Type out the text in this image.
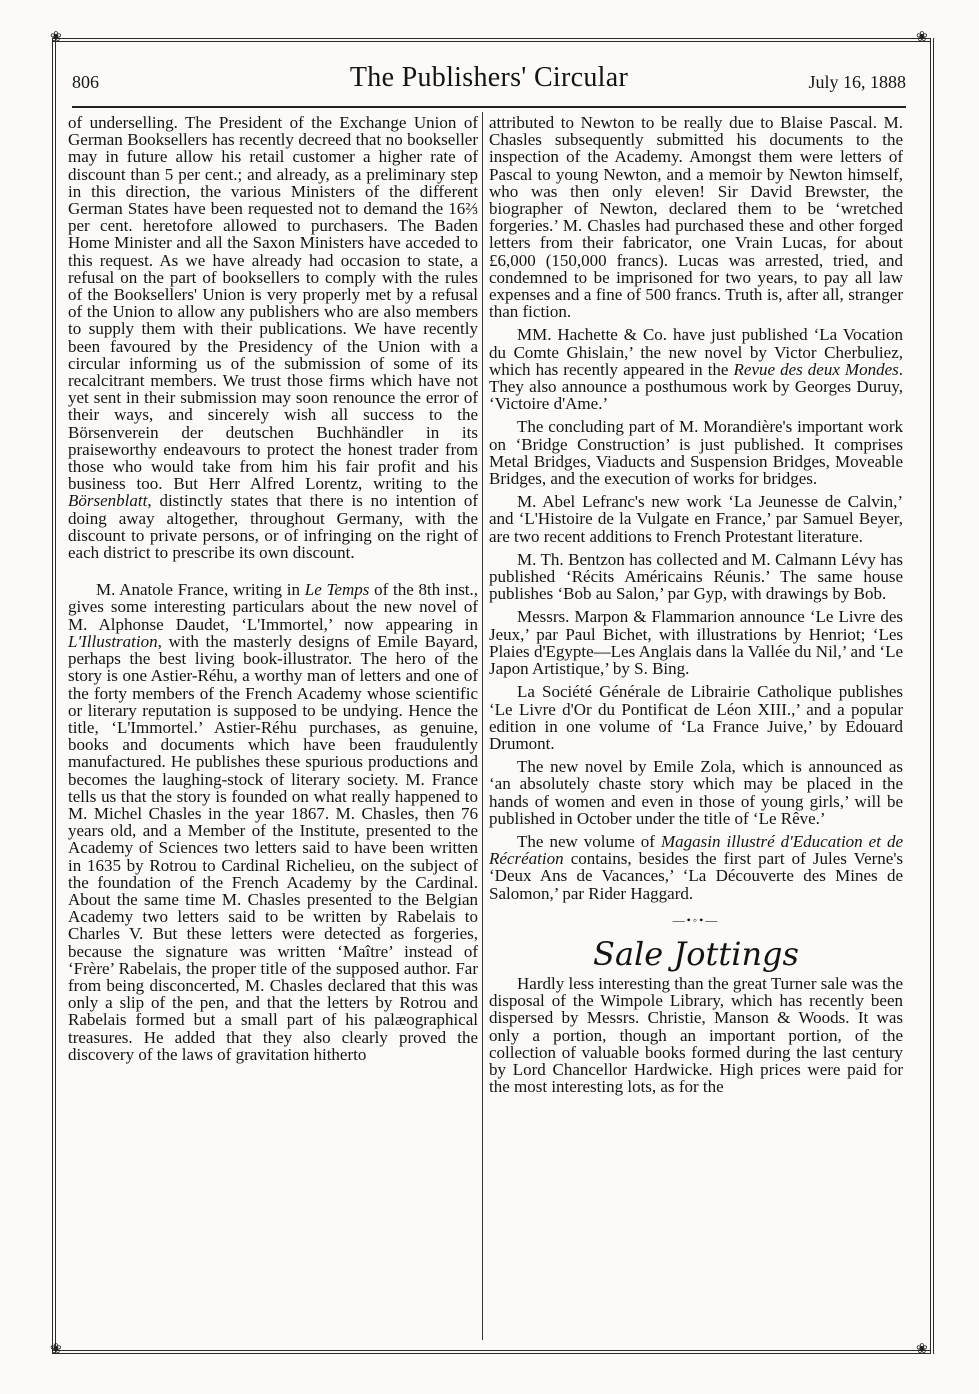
❀	❀
❀	❀
806	The Publishers' Circular	July 16, 1888

of underselling. The President of the Exchange Union of German Booksellers has recently decreed that no bookseller may in future allow his retail customer a higher rate of discount than 5 per cent.; and already, as a preliminary step in this direction, the various Ministers of the different German States have been requested not to demand the 16⅔ per cent. heretofore allowed to purchasers. The Baden Home Minister and all the Saxon Ministers have acceded to this request. As we have already had occasion to state, a refusal on the part of booksellers to comply with the rules of the Booksellers' Union is very properly met by a refusal of the Union to allow any publishers who are also members to supply them with their publications. We have recently been favoured by the Presidency of the Union with a circular informing us of the submission of some of its recalcitrant members. We trust those firms which have not yet sent in their submission may soon renounce the error of their ways, and sincerely wish all success to the Börsenverein der deutschen Buchhändler in its praiseworthy endeavours to protect the honest trader from those who would take from him his fair profit and his business too. But Herr Alfred Lorentz, writing to the Börsenblatt, distinctly states that there is no intention of doing away altogether, throughout Germany, with the discount to private persons, or of infringing on the right of each district to prescribe its own discount.

M. Anatole France, writing in Le Temps of the 8th inst., gives some interesting particulars about the new novel of M. Alphonse Daudet, ‘L'Immortel,’ now appearing in L'Illustration, with the masterly designs of Emile Bayard, perhaps the best living book-illustrator. The hero of the story is one Astier-Réhu, a worthy man of letters and one of the forty members of the French Academy whose scientific or literary reputation is supposed to be undying. Hence the title, ‘L'Immortel.’ Astier-Réhu purchases, as genuine, books and documents which have been fraudulently manufactured. He publishes these spurious productions and becomes the laughing-stock of literary society. M. France tells us that the story is founded on what really happened to M. Michel Chasles in the year 1867. M. Chasles, then 76 years old, and a Member of the Institute, presented to the Academy of Sciences two letters said to have been written in 1635 by Rotrou to Cardinal Richelieu, on the subject of the foundation of the French Academy by the Cardinal. About the same time M. Chasles presented to the Belgian Academy two letters said to be written by Rabelais to Charles V. But these letters were detected as forgeries, because the signature was written ‘Maître’ instead of ‘Frère’ Rabelais, the proper title of the supposed author. Far from being disconcerted, M. Chasles declared that this was only a slip of the pen, and that the letters by Rotrou and Rabelais formed but a small part of his palæographical treasures. He added that they also clearly proved the discovery of the laws of gravitation hitherto

attributed to Newton to be really due to Blaise Pascal. M. Chasles subsequently submitted his documents to the inspection of the Academy. Amongst them were letters of Pascal to young Newton, and a memoir by Newton himself, who was then only eleven! Sir David Brewster, the biographer of Newton, declared them to be ‘wretched forgeries.’ M. Chasles had purchased these and other forged letters from their fabricator, one Vrain Lucas, for about £6,000 (150,000 francs). Lucas was arrested, tried, and condemned to be imprisoned for two years, to pay all law expenses and a fine of 500 francs. Truth is, after all, stranger than fiction.

MM. Hachette & Co. have just published ‘La Vocation du Comte Ghislain,’ the new novel by Victor Cherbuliez, which has recently appeared in the Revue des deux Mondes. They also announce a posthumous work by Georges Duruy, ‘Victoire d'Ame.’

The concluding part of M. Morandière's important work on ‘Bridge Construction’ is just published. It comprises Metal Bridges, Viaducts and Suspension Bridges, Moveable Bridges, and the execution of works for bridges.

M. Abel Lefranc's new work ‘La Jeunesse de Calvin,’ and ‘L'Histoire de la Vulgate en France,’ par Samuel Beyer, are two recent additions to French Protestant literature.

M. Th. Bentzon has collected and M. Calmann Lévy has published ‘Récits Américains Réunis.’ The same house publishes ‘Bob au Salon,’ par Gyp, with drawings by Bob.

Messrs. Marpon & Flammarion announce ‘Le Livre des Jeux,’ par Paul Bichet, with illustrations by Henriot; ‘Les Plaies d'Egypte—Les Anglais dans la Vallée du Nil,’ and ‘Le Japon Artistique,’ by S. Bing.

La Société Générale de Librairie Catholique publishes ‘Le Livre d'Or du Pontificat de Léon XIII.,’ and a popular edition in one volume of ‘La France Juive,’ by Edouard Drumont.

The new novel by Emile Zola, which is announced as ‘an absolutely chaste story which may be placed in the hands of women and even in those of young girls,’ will be published in October under the title of ‘Le Rêve.’

The new volume of Magasin illustré d'Education et de Récréation contains, besides the first part of Jules Verne's ‘Deux Ans de Vacances,’ ‘La Découverte des Mines de Salomon,’ par Rider Haggard.

—•◦•—
Sale Jottings

Hardly less interesting than the great Turner sale was the disposal of the Wimpole Library, which has recently been dispersed by Messrs. Christie, Manson & Woods. It was only a portion, though an important portion, of the collection of valuable books formed during the last century by Lord Chancellor Hardwicke. High prices were paid for the most interesting lots, as for the
